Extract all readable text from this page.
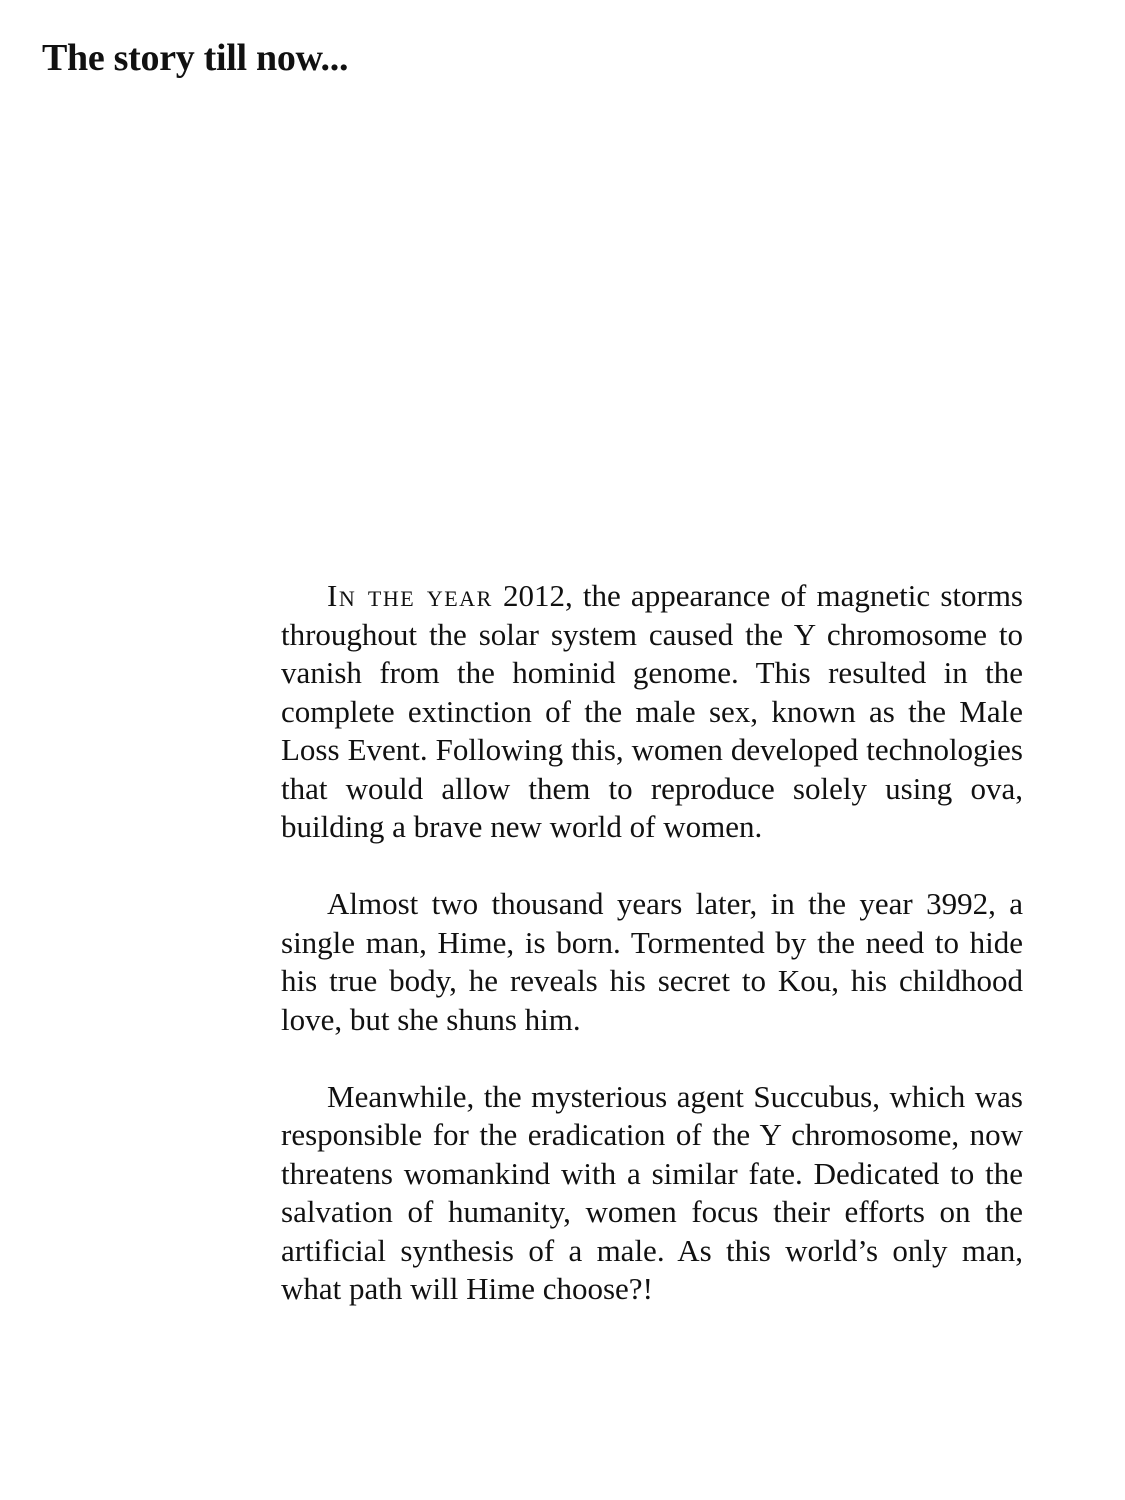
The story till now...

In the year 2012, the appearance of magnetic storms throughout the solar system caused the Y chromosome to vanish from the hominid genome. This resulted in the complete extinction of the male sex, known as the Male Loss Event. Following this, women developed technologies that would allow them to reproduce solely using ova, building a brave new world of women.

Almost two thousand years later, in the year 3992, a single man, Hime, is born. Tormented by the need to hide his true body, he reveals his secret to Kou, his childhood love, but she shuns him.

Meanwhile, the mysterious agent Succubus, which was responsible for the eradication of the Y chromosome, now threatens womankind with a similar fate. Dedicated to the salvation of humanity, women focus their efforts on the artificial synthesis of a male. As this world’s only man, what path will Hime choose?!
